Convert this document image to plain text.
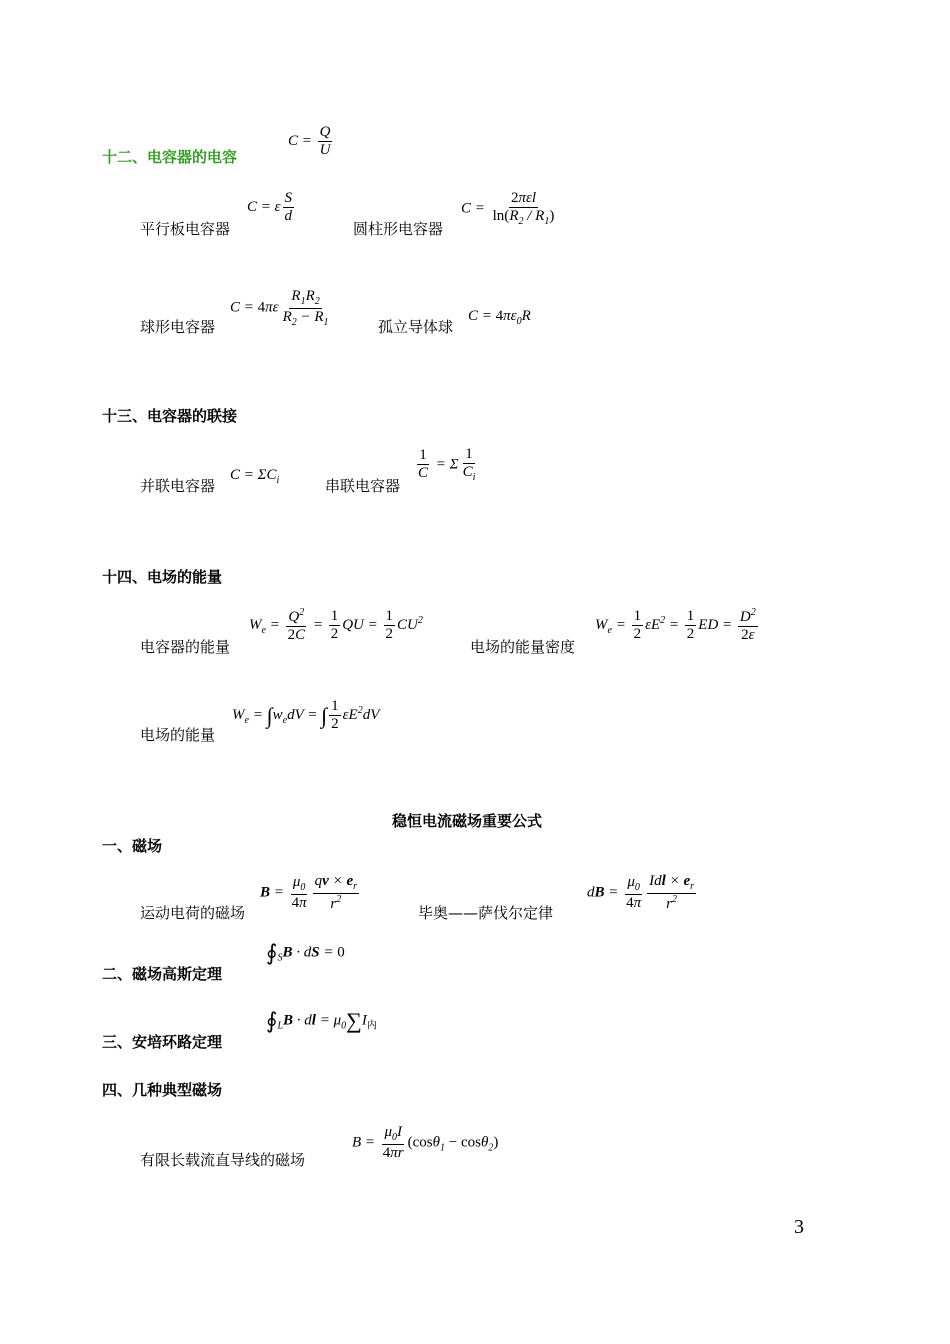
十二、电容器的电容
$C = \frac{Q}{U}$
平行板电容器
C = ε $\frac{S}{d}$
圆柱形电容器
$C = \frac{\text{2πεl}}{\ln(R_2 / R_1)}$
球形电容器
$C = 4\pi\varepsilon \frac{R_1R_2}{R_2 - R_1}$	孤立导体球
$C = 4\pi\varepsilon_0R$
十三、电容器的联接
并联电容器
$C = \Sigma C_i$	串联电容器
$\frac{1}{C} = \Sigma \frac{1}{C_i}$
十四、电场的能量
电容器的能量
$W_e = \frac{Q^2}{2C} = \frac{1}{2}$ QU = $\frac{1}{2} CU^2$
电场的能量密度
$W_e = \frac{1}{2} \varepsilon E^2 = \frac{1}{2}$ ED = $\frac{D^2}{2\varepsilon}$
电场的能量
$W_e = \int w_edV$ = ∫ $\frac{1}{2} \varepsilon E^2dV$
稳恒电流磁场重要公式
一、磁场
运动电荷的磁场
$B = \frac{\mu_0}{4\pi} \frac{qv \times e_r}{r^2}$
毕奥——萨伐尔定律
dB = $\frac{\mu_0}{4\pi} \frac{Idl \times e_r}{r^2}$
二、磁场高斯定理
$∮_SB$ · dS = 0
三、安培环路定理
$∮_LB$ · dl = $\mu_0\sum I_内$
四、几种典型磁场
有限长载流直导线的磁场
$B = \frac{\mu_0I}{4\pi r} (\cos\theta_1 - \cos\theta_2)$
3
